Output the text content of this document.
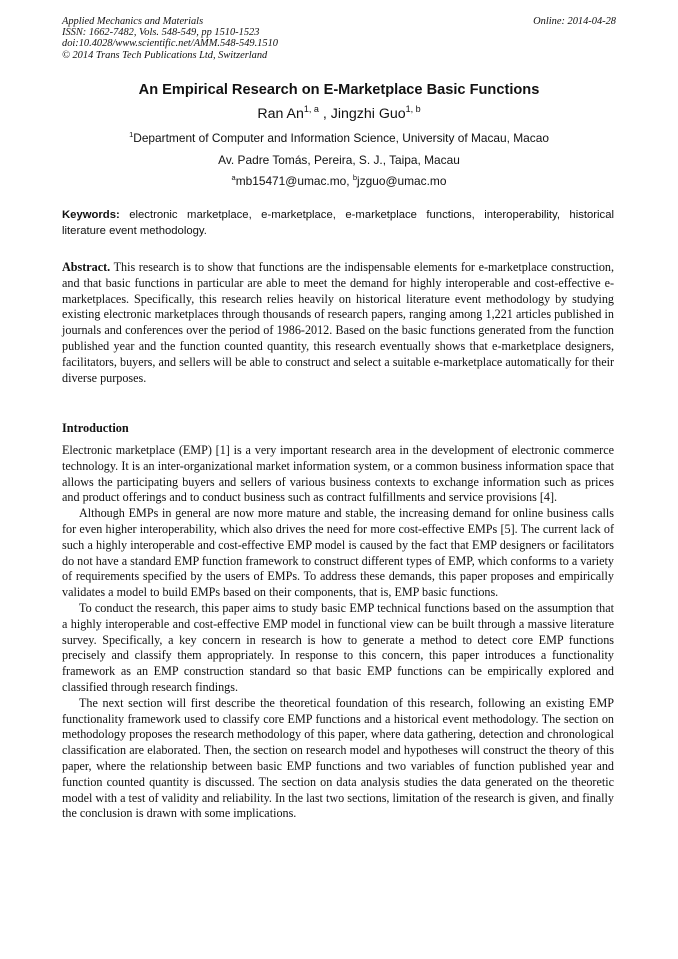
Applied Mechanics and Materials
ISSN: 1662-7482, Vols. 548-549, pp 1510-1523
doi:10.4028/www.scientific.net/AMM.548-549.1510
© 2014 Trans Tech Publications Ltd, Switzerland
Online: 2014-04-28
An Empirical Research on E-Marketplace Basic Functions
Ran An$^{1, a}$ , Jingzhi Guo$^{1, b}$
$^1$Department of Computer and Information Science, University of Macau, Macao
Av. Padre Tomás, Pereira, S. J., Taipa, Macau
$^a$mb15471@umac.mo, $^b$jzguo@umac.mo
Keywords: electronic marketplace, e-marketplace, e-marketplace functions, interoperability, historical literature event methodology.

Abstract. This research is to show that functions are the indispensable elements for e-marketplace construction, and that basic functions in particular are able to meet the demand for highly interoperable and cost-effective e-marketplaces. Specifically, this research relies heavily on historical literature event methodology by studying existing electronic marketplaces through thousands of research papers, ranging among 1,221 articles published in journals and conferences over the period of 1986-2012. Based on the basic functions generated from the function published year and the function counted quantity, this research eventually shows that e-marketplace designers, facilitators, buyers, and sellers will be able to construct and select a suitable e-marketplace automatically for their diverse purposes.

Introduction

Electronic marketplace (EMP) [1] is a very important research area in the development of electronic commerce technology. It is an inter-organizational market information system, or a common business information space that allows the participating buyers and sellers of various business contexts to exchange information such as prices and product offerings and to conduct business such as contract fulfillments and service provisions [4].

Although EMPs in general are now more mature and stable, the increasing demand for online business calls for even higher interoperability, which also drives the need for more cost-effective EMPs [5]. The current lack of such a highly interoperable and cost-effective EMP model is caused by the fact that EMP designers or facilitators do not have a standard EMP function framework to construct different types of EMP, which conforms to a variety of requirements specified by the users of EMPs. To address these demands, this paper proposes and empirically validates a model to build EMPs based on their components, that is, EMP basic functions.

To conduct the research, this paper aims to study basic EMP technical functions based on the assumption that a highly interoperable and cost-effective EMP model in functional view can be built through a massive literature survey. Specifically, a key concern in research is how to generate a method to detect core EMP functions precisely and classify them appropriately. In response to this concern, this paper introduces a functionality framework as an EMP construction standard so that basic EMP functions can be empirically explored and classified through research findings.

The next section will first describe the theoretical foundation of this research, following an existing EMP functionality framework used to classify core EMP functions and a historical event methodology. The section on methodology proposes the research methodology of this paper, where data gathering, detection and chronological classification are elaborated. Then, the section on research model and hypotheses will construct the theory of this paper, where the relationship between basic EMP functions and two variables of function published year and function counted quantity is discussed. The section on data analysis studies the data generated on the theoretic model with a test of validity and reliability. In the last two sections, limitation of the research is given, and finally the conclusion is drawn with some implications.
